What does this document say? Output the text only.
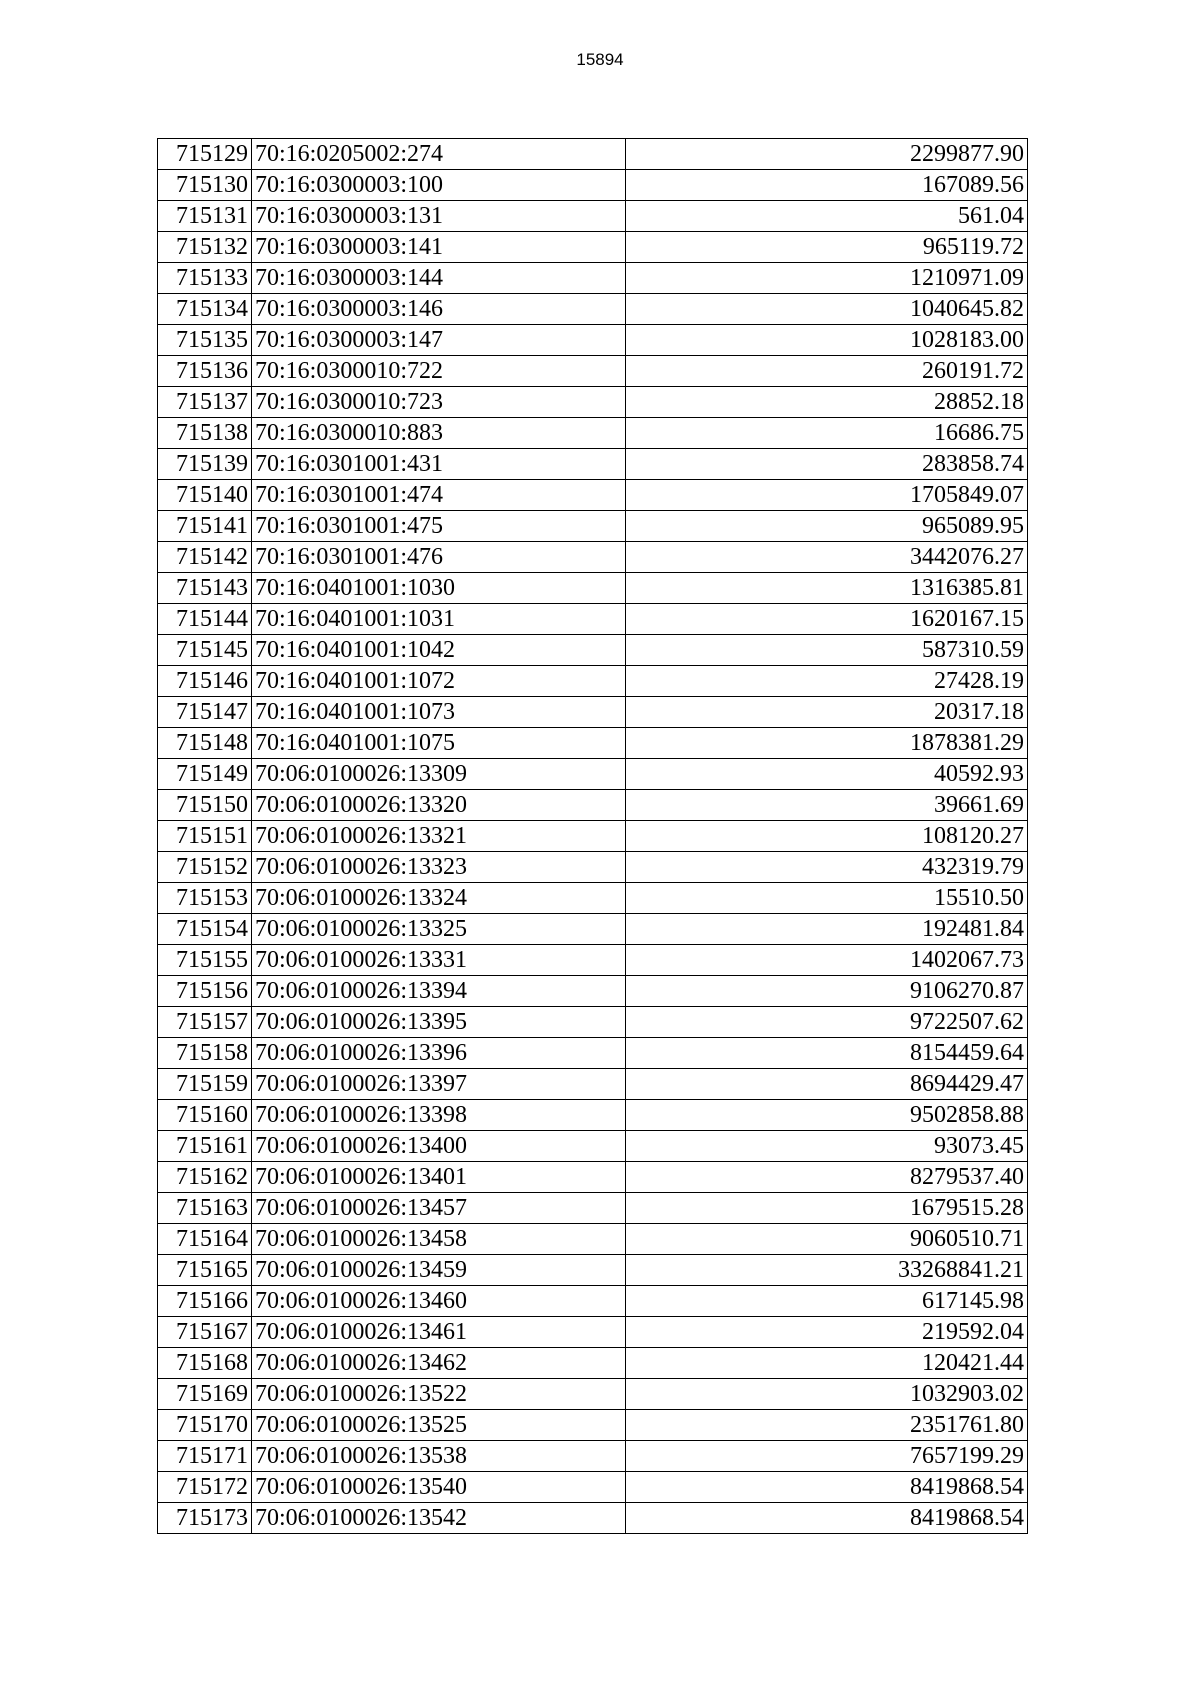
15894
715129	70:16:0205002:274	2299877.90
715130	70:16:0300003:100	167089.56
715131	70:16:0300003:131	561.04
715132	70:16:0300003:141	965119.72
715133	70:16:0300003:144	1210971.09
715134	70:16:0300003:146	1040645.82
715135	70:16:0300003:147	1028183.00
715136	70:16:0300010:722	260191.72
715137	70:16:0300010:723	28852.18
715138	70:16:0300010:883	16686.75
715139	70:16:0301001:431	283858.74
715140	70:16:0301001:474	1705849.07
715141	70:16:0301001:475	965089.95
715142	70:16:0301001:476	3442076.27
715143	70:16:0401001:1030	1316385.81
715144	70:16:0401001:1031	1620167.15
715145	70:16:0401001:1042	587310.59
715146	70:16:0401001:1072	27428.19
715147	70:16:0401001:1073	20317.18
715148	70:16:0401001:1075	1878381.29
715149	70:06:0100026:13309	40592.93
715150	70:06:0100026:13320	39661.69
715151	70:06:0100026:13321	108120.27
715152	70:06:0100026:13323	432319.79
715153	70:06:0100026:13324	15510.50
715154	70:06:0100026:13325	192481.84
715155	70:06:0100026:13331	1402067.73
715156	70:06:0100026:13394	9106270.87
715157	70:06:0100026:13395	9722507.62
715158	70:06:0100026:13396	8154459.64
715159	70:06:0100026:13397	8694429.47
715160	70:06:0100026:13398	9502858.88
715161	70:06:0100026:13400	93073.45
715162	70:06:0100026:13401	8279537.40
715163	70:06:0100026:13457	1679515.28
715164	70:06:0100026:13458	9060510.71
715165	70:06:0100026:13459	33268841.21
715166	70:06:0100026:13460	617145.98
715167	70:06:0100026:13461	219592.04
715168	70:06:0100026:13462	120421.44
715169	70:06:0100026:13522	1032903.02
715170	70:06:0100026:13525	2351761.80
715171	70:06:0100026:13538	7657199.29
715172	70:06:0100026:13540	8419868.54
715173	70:06:0100026:13542	8419868.54
